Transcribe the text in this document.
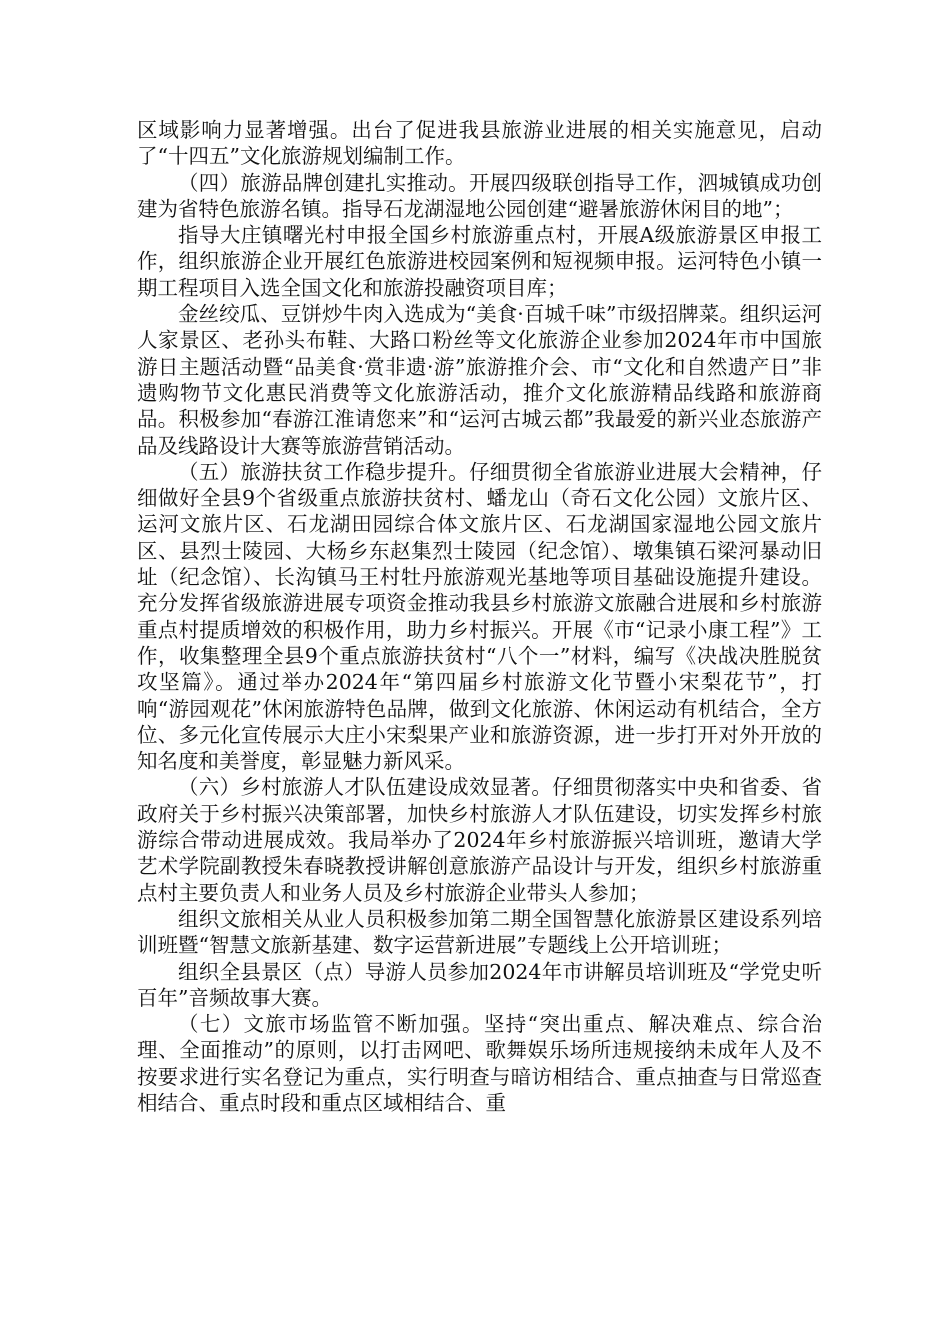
区域影响力显著增强。出台了促进我县旅游业进展的相关实施意见，启动了“十四五”文化旅游规划编制工作。

（四）旅游品牌创建扎实推动。开展四级联创指导工作，泗城镇成功创建为省特色旅游名镇。指导石龙湖湿地公园创建“避暑旅游休闲目的地”；

指导大庄镇曙光村申报全国乡村旅游重点村，开展A级旅游景区申报工作，组织旅游企业开展红色旅游进校园案例和短视频申报。运河特色小镇一期工程项目入选全国文化和旅游投融资项目库；

金丝绞瓜、豆饼炒牛肉入选成为“美食·百城千味”市级招牌菜。组织运河人家景区、老孙头布鞋、大路口粉丝等文化旅游企业参加2024年市中国旅游日主题活动暨“品美食·赏非遗·游”旅游推介会、市“文化和自然遗产日”非遗购物节文化惠民消费等文化旅游活动，推介文化旅游精品线路和旅游商品。积极参加“春游江淮请您来”和“运河古城云都”我最爱的新兴业态旅游产品及线路设计大赛等旅游营销活动。

（五）旅游扶贫工作稳步提升。仔细贯彻全省旅游业进展大会精神，仔细做好全县9个省级重点旅游扶贫村、蟠龙山（奇石文化公园）文旅片区、运河文旅片区、石龙湖田园综合体文旅片区、石龙湖国家湿地公园文旅片区、县烈士陵园、大杨乡东赵集烈士陵园（纪念馆）、墩集镇石梁河暴动旧址（纪念馆）、长沟镇马王村牡丹旅游观光基地等项目基础设施提升建设。充分发挥省级旅游进展专项资金推动我县乡村旅游文旅融合进展和乡村旅游重点村提质增效的积极作用，助力乡村振兴。开展《市“记录小康工程”》工作，收集整理全县9个重点旅游扶贫村“八个一”材料，编写《决战决胜脱贫攻坚篇》。通过举办2024年“第四届乡村旅游文化节暨小宋梨花节”，打响“游园观花”休闲旅游特色品牌，做到文化旅游、休闲运动有机结合，全方位、多元化宣传展示大庄小宋梨果产业和旅游资源，进一步打开对外开放的知名度和美誉度，彰显魅力新风采。

（六）乡村旅游人才队伍建设成效显著。仔细贯彻落实中央和省委、省政府关于乡村振兴决策部署，加快乡村旅游人才队伍建设，切实发挥乡村旅游综合带动进展成效。我局举办了2024年乡村旅游振兴培训班，邀请大学艺术学院副教授朱春晓教授讲解创意旅游产品设计与开发，组织乡村旅游重点村主要负责人和业务人员及乡村旅游企业带头人参加；

组织文旅相关从业人员积极参加第二期全国智慧化旅游景区建设系列培训班暨“智慧文旅新基建、数字运营新进展”专题线上公开培训班；

组织全县景区（点）导游人员参加2024年市讲解员培训班及“学党史听百年”音频故事大赛。

（七）文旅市场监管不断加强。坚持“突出重点、解决难点、综合治理、全面推动”的原则，以打击网吧、歌舞娱乐场所违规接纳未成年人及不按要求进行实名登记为重点，实行明查与暗访相结合、重点抽查与日常巡查相结合、重点时段和重点区域相结合、重
